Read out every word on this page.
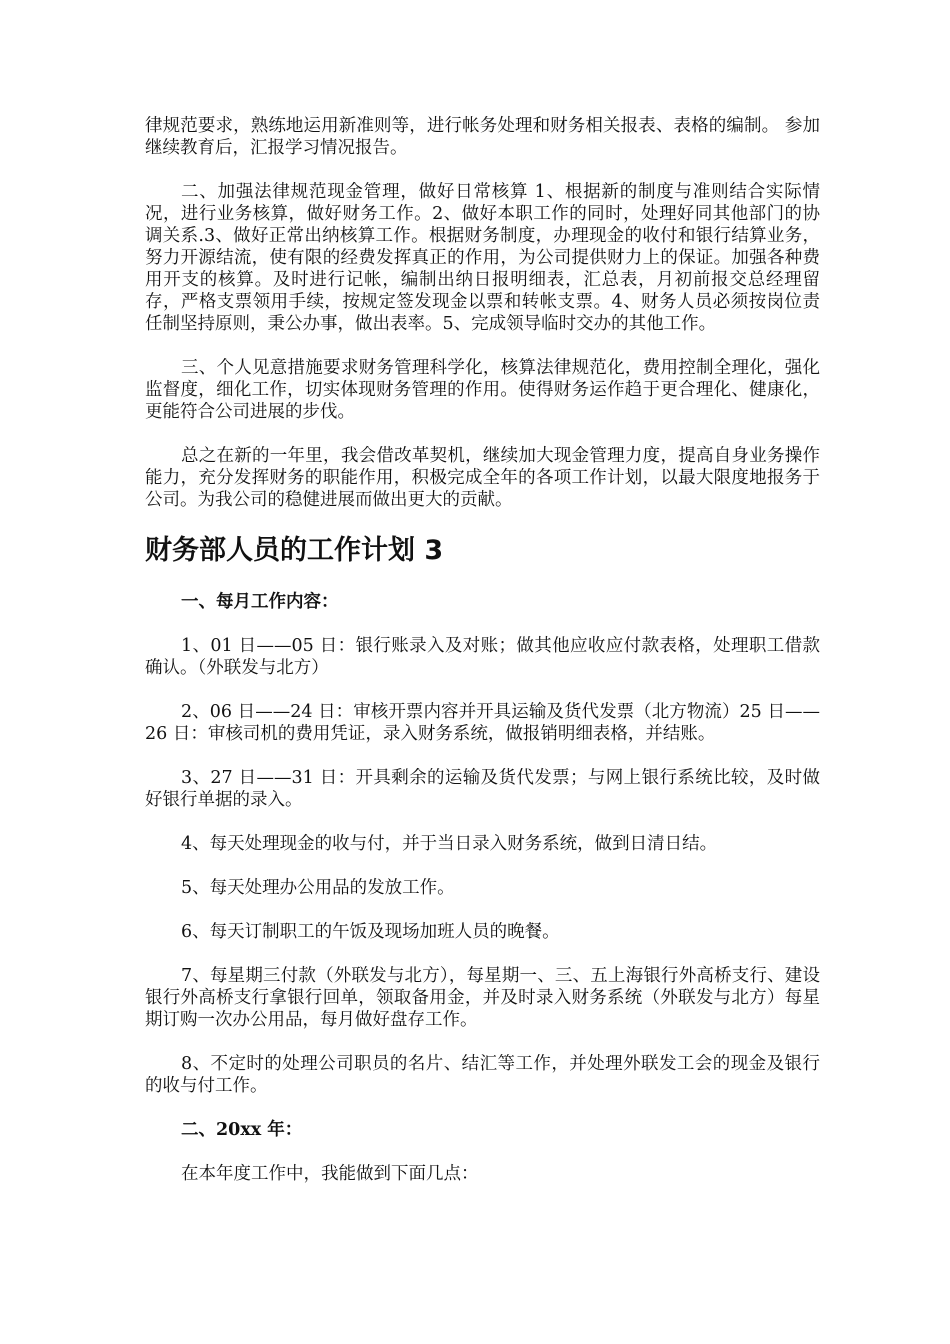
律规范要求，熟练地运用新准则等，进行帐务处理和财务相关报表、表格的编制。 参加继续教育后，汇报学习情况报告。

二、加强法律规范现金管理，做好日常核算 1、根据新的制度与准则结合实际情况，进行业务核算，做好财务工作。2、做好本职工作的同时，处理好同其他部门的协调关系.3、做好正常出纳核算工作。根据财务制度，办理现金的收付和银行结算业务，努力开源结流，使有限的经费发挥真正的作用，为公司提供财力上的保证。加强各种费用开支的核算。及时进行记帐，编制出纳日报明细表，汇总表，月初前报交总经理留存，严格支票领用手续，按规定签发现金以票和转帐支票。4、财务人员必须按岗位责任制坚持原则，秉公办事，做出表率。5、完成领导临时交办的其他工作。

三、个人见意措施要求财务管理科学化，核算法律规范化，费用控制全理化，强化监督度，细化工作，切实体现财务管理的作用。使得财务运作趋于更合理化、健康化，更能符合公司进展的步伐。

总之在新的一年里，我会借改革契机，继续加大现金管理力度，提高自身业务操作能力，充分发挥财务的职能作用，积极完成全年的各项工作计划，以最大限度地报务于公司。为我公司的稳健进展而做出更大的贡献。

财务部人员的工作计划 3

一、每月工作内容：

1、01 日——05 日：银行账录入及对账；做其他应收应付款表格，处理职工借款确认。（外联发与北方）

2、06 日——24 日：审核开票内容并开具运输及货代发票（北方物流）25 日——26 日：审核司机的费用凭证，录入财务系统，做报销明细表格，并结账。

3、27 日——31 日：开具剩余的运输及货代发票；与网上银行系统比较，及时做好银行单据的录入。

4、每天处理现金的收与付，并于当日录入财务系统，做到日清日结。

5、每天处理办公用品的发放工作。

6、每天订制职工的午饭及现场加班人员的晚餐。

7、每星期三付款（外联发与北方），每星期一、三、五上海银行外高桥支行、建设银行外高桥支行拿银行回单，领取备用金，并及时录入财务系统（外联发与北方）每星期订购一次办公用品，每月做好盘存工作。

8、不定时的处理公司职员的名片、结汇等工作，并处理外联发工会的现金及银行的收与付工作。

二、20xx 年：

在本年度工作中，我能做到下面几点：
